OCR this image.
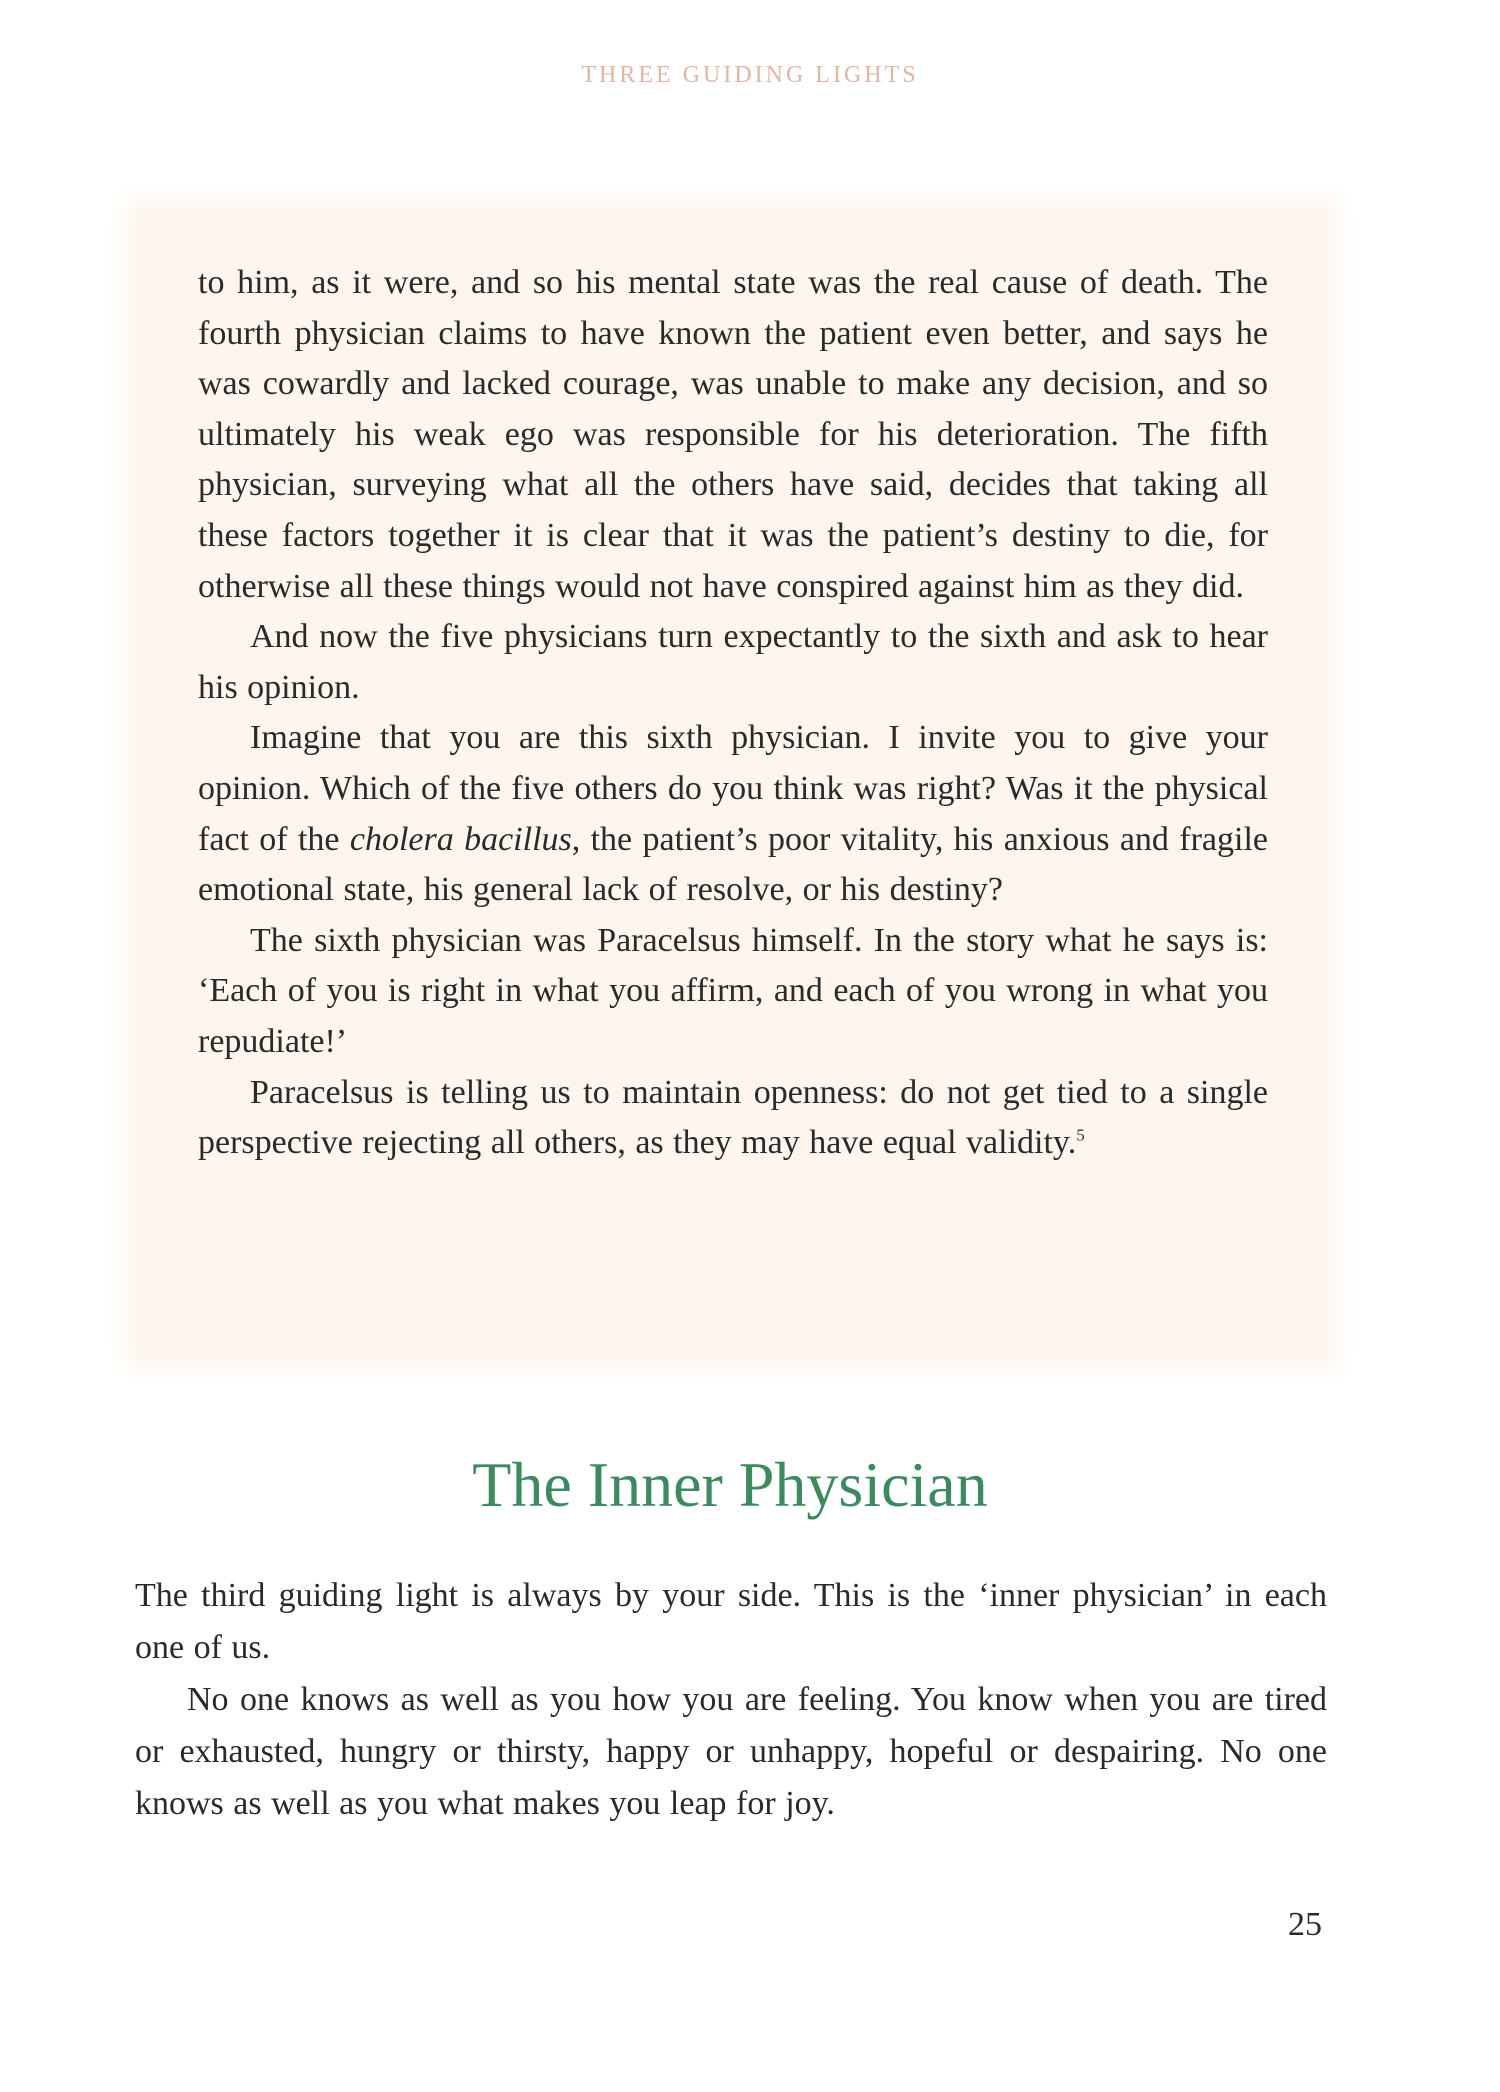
THREE GUIDING LIGHTS

to him, as it were, and so his mental state was the real cause of death. The fourth physician claims to have known the patient even better, and says he was cowardly and lacked courage, was unable to make any decision, and so ultimately his weak ego was responsible for his deterioration. The fifth physician, surveying what all the others have said, decides that taking all these factors together it is clear that it was the patient’s destiny to die, for otherwise all these things would not have conspired against him as they did.

And now the five physicians turn expectantly to the sixth and ask to hear his opinion.

Imagine that you are this sixth physician. I invite you to give your opinion. Which of the five others do you think was right? Was it the physical fact of the cholera bacillus, the patient’s poor vitality, his anxious and fragile emotional state, his general lack of resolve, or his destiny?

The sixth physician was Paracelsus himself. In the story what he says is: ‘Each of you is right in what you affirm, and each of you wrong in what you repudiate!’

Paracelsus is telling us to maintain openness: do not get tied to a single perspective rejecting all others, as they may have equal validity.$^5$

The Inner Physician

The third guiding light is always by your side. This is the ‘inner physician’ in each one of us.

No one knows as well as you how you are feeling. You know when you are tired or exhausted, hungry or thirsty, happy or unhappy, hopeful or despairing. No one knows as well as you what makes you leap for joy.

25
